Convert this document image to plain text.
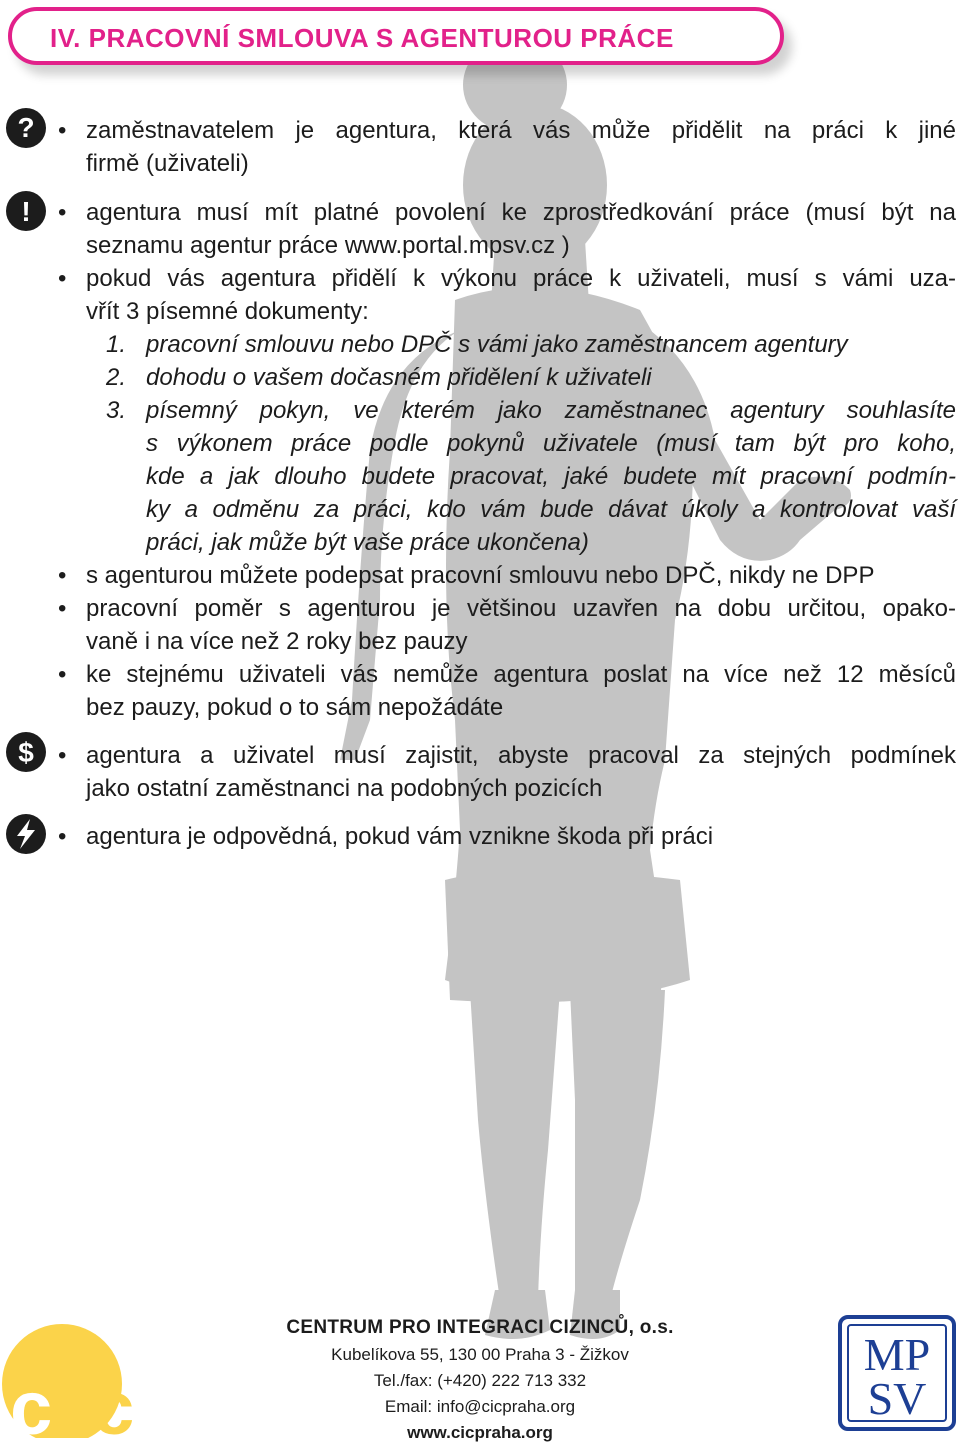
IV. PRACOVNÍ SMLOUVA S AGENTUROU PRÁCE
?
!
$
• zaměstnavatelem je agentura, která vás může přidělit na práci k jiné
firmě (uživateli)
• agentura musí mít platné povolení ke zprostředkování práce (musí být na
seznamu agentur práce www.portal.mpsv.cz )
• pokud vás agentura přidělí k výkonu práce k uživateli, musí s vámi uza-
vřít 3 písemné dokumenty:
1. pracovní smlouvu nebo DPČ s vámi jako zaměstnancem agentury
2. dohodu o vašem dočasném přidělení k uživateli
3. písemný pokyn, ve kterém jako zaměstnanec agentury souhlasíte
s výkonem práce podle pokynů uživatele (musí tam být pro koho,
kde a jak dlouho budete pracovat, jaké budete mít pracovní podmín-
ky a odměnu za práci, kdo vám bude dávat úkoly a kontrolovat vaší
práci, jak může být vaše práce ukončena)
• s agenturou můžete podepsat pracovní smlouvu nebo DPČ, nikdy ne DPP
• pracovní poměr s agenturou je většinou uzavřen na dobu určitou, opako-
vaně i na více než 2 roky bez pauzy
• ke stejnému uživateli vás nemůže agentura poslat na více než 12 měsíců
bez pauzy, pokud o to sám nepožádáte
• agentura a uživatel musí zajistit, abyste pracoval za stejných podmínek
jako ostatní zaměstnanci na podobných pozicích
• agentura je odpovědná, pokud vám vznikne škoda při práci
c i c
CENTRUM PRO INTEGRACI CIZINCŮ, o.s.
Kubelíkova 55, 130 00 Praha 3 - Žižkov
Tel./fax: (+420) 222 713 332
Email: info@cicpraha.org
www.cicpraha.org
MP
SV
